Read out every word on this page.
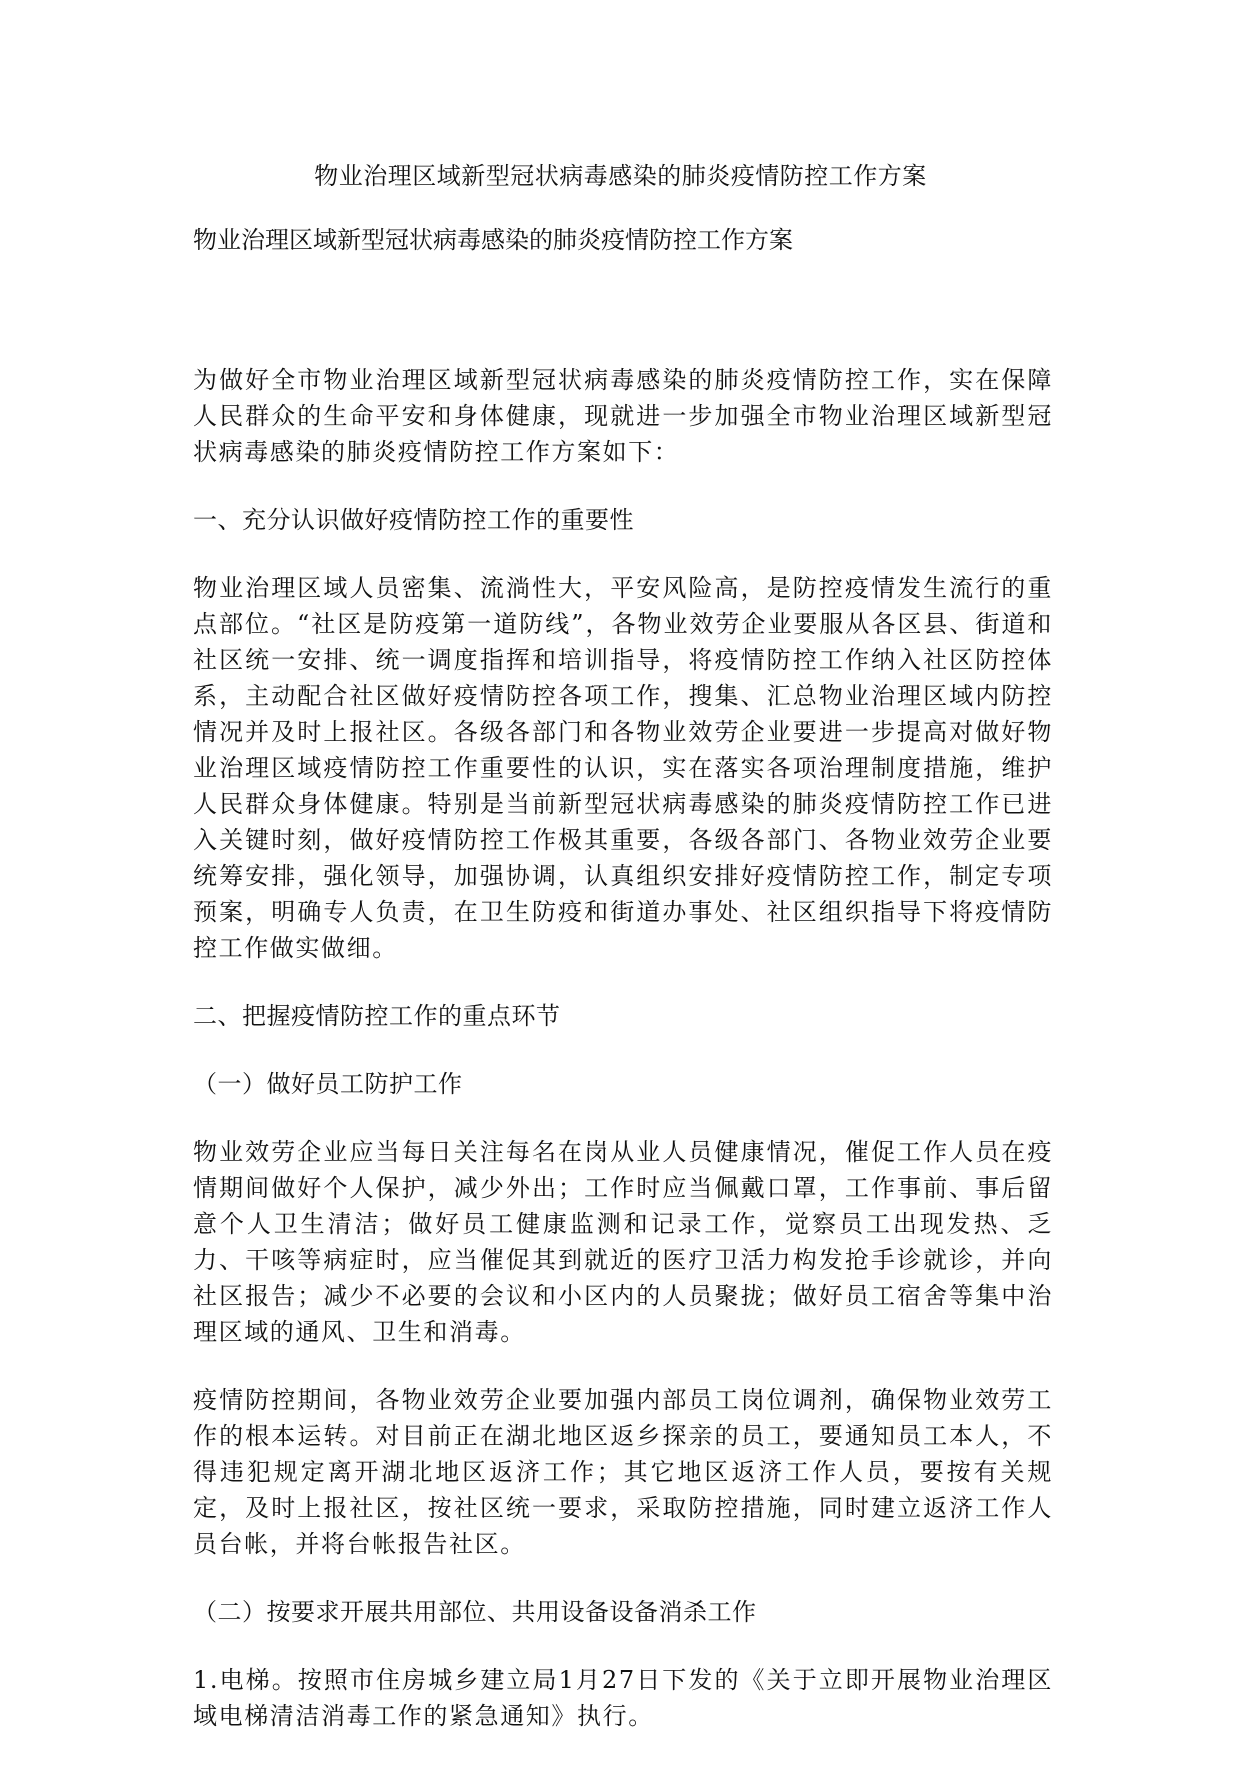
物业治理区域新型冠状病毒感染的肺炎疫情防控工作方案
物业治理区域新型冠状病毒感染的肺炎疫情防控工作方案

为做好全市物业治理区域新型冠状病毒感染的肺炎疫情防控工作，实在保障人民群众的生命平安和身体健康，现就进一步加强全市物业治理区域新型冠状病毒感染的肺炎疫情防控工作方案如下：

一、充分认识做好疫情防控工作的重要性

物业治理区域人员密集、流淌性大，平安风险高，是防控疫情发生流行的重点部位。“社区是防疫第一道防线”，各物业效劳企业要服从各区县、街道和社区统一安排、统一调度指挥和培训指导，将疫情防控工作纳入社区防控体系，主动配合社区做好疫情防控各项工作，搜集、汇总物业治理区域内防控情况并及时上报社区。各级各部门和各物业效劳企业要进一步提高对做好物业治理区域疫情防控工作重要性的认识，实在落实各项治理制度措施，维护人民群众身体健康。特别是当前新型冠状病毒感染的肺炎疫情防控工作已进入关键时刻，做好疫情防控工作极其重要，各级各部门、各物业效劳企业要统筹安排，强化领导，加强协调，认真组织安排好疫情防控工作，制定专项预案，明确专人负责，在卫生防疫和街道办事处、社区组织指导下将疫情防控工作做实做细。

二、把握疫情防控工作的重点环节
（一）做好员工防护工作

物业效劳企业应当每日关注每名在岗从业人员健康情况，催促工作人员在疫情期间做好个人保护，减少外出；工作时应当佩戴口罩，工作事前、事后留意个人卫生清洁；做好员工健康监测和记录工作，觉察员工出现发热、乏力、干咳等病症时，应当催促其到就近的医疗卫活力构发抢手诊就诊，并向社区报告；减少不必要的会议和小区内的人员聚拢；做好员工宿舍等集中治理区域的通风、卫生和消毒。

疫情防控期间，各物业效劳企业要加强内部员工岗位调剂，确保物业效劳工作的根本运转。对目前正在湖北地区返乡探亲的员工，要通知员工本人，不得违犯规定离开湖北地区返济工作；其它地区返济工作人员，要按有关规定，及时上报社区，按社区统一要求，采取防控措施，同时建立返济工作人员台帐，并将台帐报告社区。

（二）按要求开展共用部位、共用设备设备消杀工作

1.电梯。按照市住房城乡建立局1月27日下发的《关于立即开展物业治理区域电梯清洁消毒工作的紧急通知》执行。
